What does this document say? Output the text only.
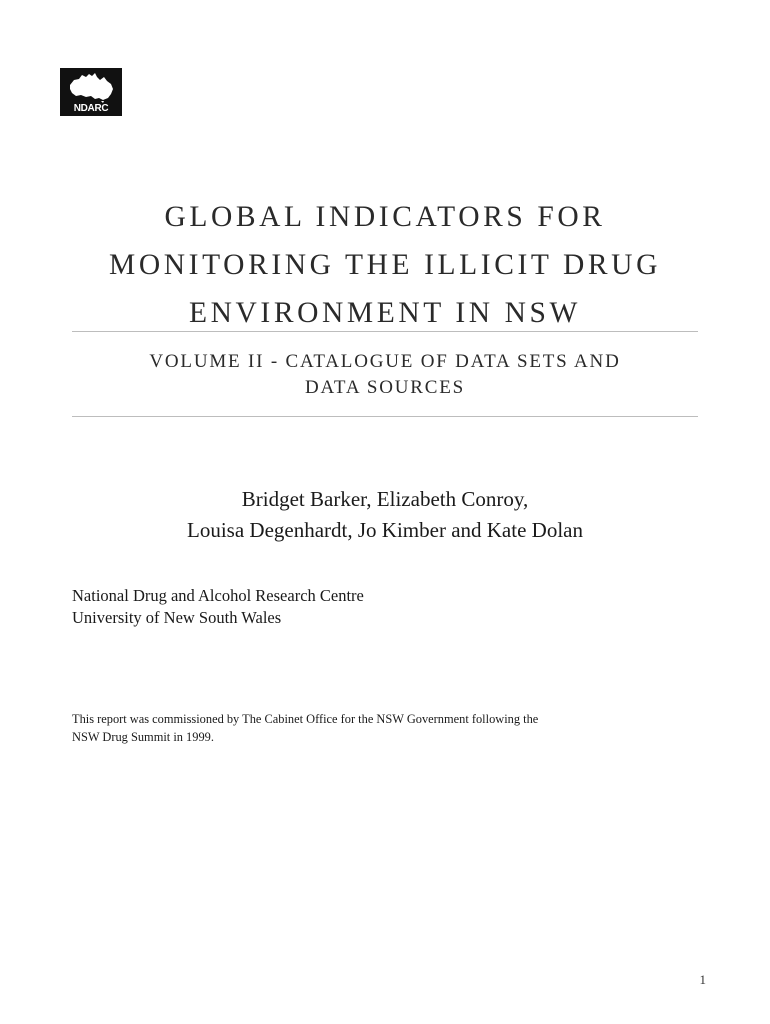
NDARC
GLOBAL INDICATORS FOR
MONITORING THE ILLICIT DRUG
ENVIRONMENT IN NSW
VOLUME II - CATALOGUE OF DATA SETS AND
DATA SOURCES

Bridget Barker, Elizabeth Conroy,
Louisa Degenhardt, Jo Kimber and Kate Dolan

National Drug and Alcohol Research Centre
University of New South Wales

This report was commissioned by The Cabinet Office for the NSW Government following the
NSW Drug Summit in 1999.

1
